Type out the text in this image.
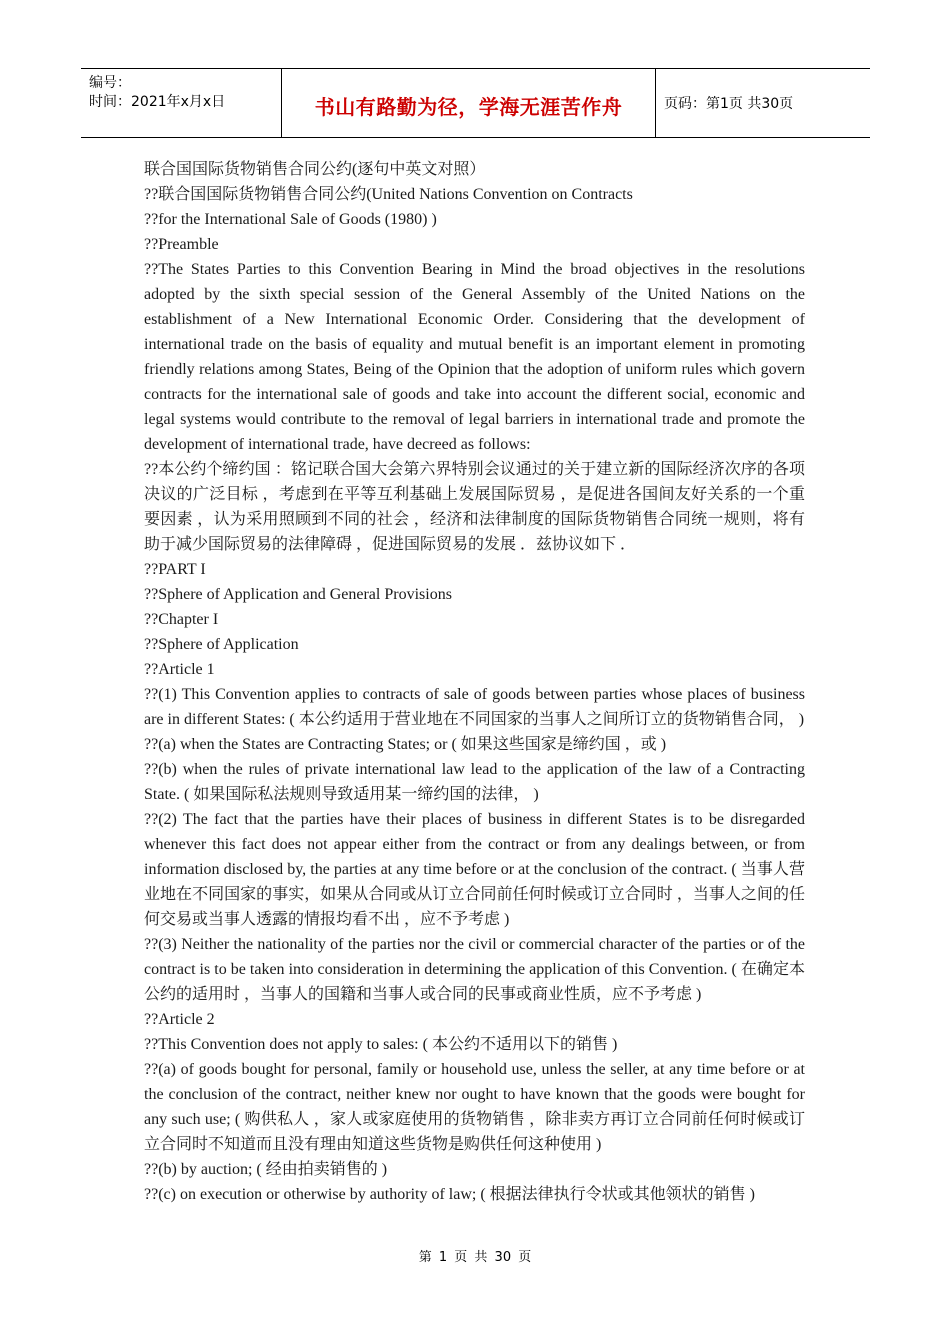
编号：
时间：2021年x月x日	书山有路勤为径，学海无涯苦作舟	页码：第1页 共30页

联合国国际货物销售合同公约(逐句中英文对照）

??联合国国际货物销售合同公约(United Nations Convention on Contracts

??for the International Sale of Goods (1980) )

??Preamble

??The States Parties to this Convention Bearing in Mind the broad objectives in the resolutions adopted by the sixth special session of the General Assembly of the United Nations on the establishment of a New International Economic Order. Considering that the development of international trade on the basis of equality and mutual benefit is an important element in promoting friendly relations among States, Being of the Opinion that the adoption of uniform rules which govern contracts for the international sale of goods and take into account the different social, economic and legal systems would contribute to the removal of legal barriers in international trade and promote the development of international trade, have decreed as follows:

??本公约个缔约国 ：铭记联合国大会第六界特别会议通过的关于建立新的国际经济次序的各项决议的广泛目标 ，考虑到在平等互利基础上发展国际贸易 ，是促进各国间友好关系的一个重要因素 ，认为采用照顾到不同的社会 ，经济和法律制度的国际货物销售合同统一规则，将有助于减少国际贸易的法律障碍 ，促进国际贸易的发展 ．兹协议如下 ．

??PART I

??Sphere of Application and General Provisions

??Chapter I

??Sphere of Application

??Article 1

??(1) This Convention applies to contracts of sale of goods between parties whose places of business are in different States: ( 本公约适用于营业地在不同国家的当事人之间所订立的货物销售合同， )

??(a) when the States are Contracting States; or ( 如果这些国家是缔约国 ，或 )

??(b) when the rules of private international law lead to the application of the law of a Contracting State. ( 如果国际私法规则导致适用某一缔约国的法律， )

??(2) The fact that the parties have their places of business in different States is to be disregarded whenever this fact does not appear either from the contract or from any dealings between, or from information disclosed by, the parties at any time before or at the conclusion of the contract. ( 当事人营业地在不同国家的事实，如果从合同或从订立合同前任何时候或订立合同时 ，当事人之间的任何交易或当事人透露的情报均看不出 ，应不予考虑 )

??(3) Neither the nationality of the parties nor the civil or commercial character of the parties or of the contract is to be taken into consideration in determining the application of this Convention. ( 在确定本公约的适用时 ，当事人的国籍和当事人或合同的民事或商业性质，应不予考虑 )

??Article 2

??This Convention does not apply to sales: ( 本公约不适用以下的销售 )

??(a) of goods bought for personal, family or household use, unless the seller, at any time before or at the conclusion of the contract, neither knew nor ought to have known that the goods were bought for any such use; ( 购供私人 ，家人或家庭使用的货物销售 ，除非卖方再订立合同前任何时候或订立合同时不知道而且没有理由知道这些货物是购供任何这种使用 )

??(b) by auction; ( 经由拍卖销售的 )

??(c) on execution or otherwise by authority of law; ( 根据法律执行令状或其他领状的销售 )

第 1 页 共 30 页
